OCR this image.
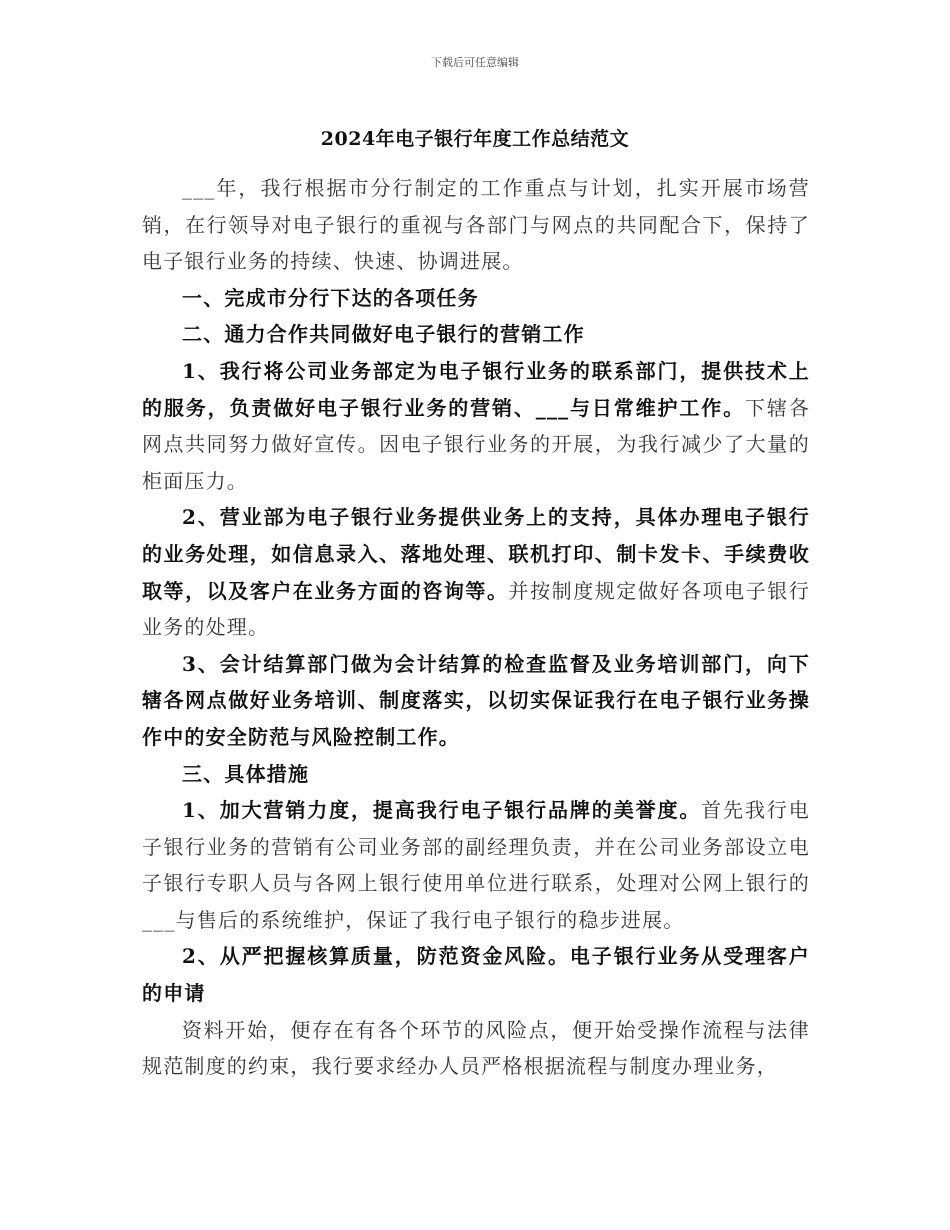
下载后可任意编辑
2024年电子银行年度工作总结范文

___年，我行根据市分行制定的工作重点与计划，扎实开展市场营销，在行领导对电子银行的重视与各部门与网点的共同配合下，保持了电子银行业务的持续、快速、协调进展。

一、完成市分行下达的各项任务

二、通力合作共同做好电子银行的营销工作

1、我行将公司业务部定为电子银行业务的联系部门，提供技术上的服务，负责做好电子银行业务的营销、___与日常维护工作。下辖各网点共同努力做好宣传。因电子银行业务的开展，为我行减少了大量的柜面压力。

2、营业部为电子银行业务提供业务上的支持，具体办理电子银行的业务处理，如信息录入、落地处理、联机打印、制卡发卡、手续费收取等，以及客户在业务方面的咨询等。并按制度规定做好各项电子银行业务的处理。

3、会计结算部门做为会计结算的检查监督及业务培训部门，向下辖各网点做好业务培训、制度落实，以切实保证我行在电子银行业务操作中的安全防范与风险控制工作。

三、具体措施

1、加大营销力度，提高我行电子银行品牌的美誉度。首先我行电子银行业务的营销有公司业务部的副经理负责，并在公司业务部设立电子银行专职人员与各网上银行使用单位进行联系，处理对公网上银行的___与售后的系统维护，保证了我行电子银行的稳步进展。

2、从严把握核算质量，防范资金风险。电子银行业务从受理客户的申请

资料开始，便存在有各个环节的风险点，便开始受操作流程与法律规范制度的约束，我行要求经办人员严格根据流程与制度办理业务，
